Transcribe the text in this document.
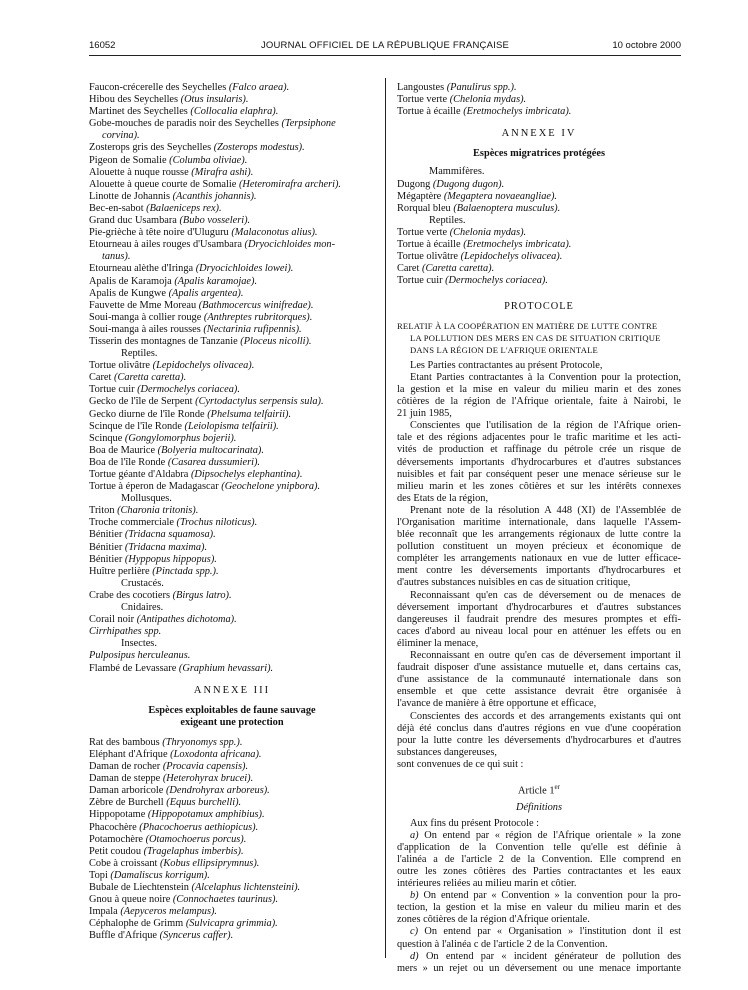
16052	JOURNAL OFFICIEL DE LA RÉPUBLIQUE FRANÇAISE	10 octobre 2000
Faucon-crécerelle des Seychelles (Falco araea).
Hibou des Seychelles (Otus insularis).
Martinet des Seychelles (Collocalia elaphra).
Gobe-mouches de paradis noir des Seychelles (Terpsiphone
corvina).
Zosterops gris des Seychelles (Zosterops modestus).
Pigeon de Somalie (Columba oliviae).
Alouette à nuque rousse (Mirafra ashi).
Alouette à queue courte de Somalie (Heteromirafra archeri).
Linotte de Johannis (Acanthis johannis).
Bec-en-sabot (Balaeniceps rex).
Grand duc Usambara (Bubo vosseleri).
Pie-grièche à tête noire d'Uluguru (Malaconotus alius).
Etourneau à ailes rouges d'Usambara (Dryocichloides mon-
tanus).
Etourneau alèthe d'Iringa (Dryocichloides lowei).
Apalis de Karamoja (Apalis karamojae).
Apalis de Kungwe (Apalis argentea).
Fauvette de Mme Moreau (Bathmocercus winifredae).
Soui-manga à collier rouge (Anthreptes rubritorques).
Soui-manga à ailes rousses (Nectarinia rufipennis).
Tisserin des montagnes de Tanzanie (Ploceus nicolli).
Reptiles.
Tortue olivâtre (Lepidochelys olivacea).
Caret (Caretta caretta).
Tortue cuir (Dermochelys coriacea).
Gecko de l'île de Serpent (Cyrtodactylus serpensis sula).
Gecko diurne de l'île Ronde (Phelsuma telfairii).
Scinque de l'île Ronde (Leiolopisma telfairii).
Scinque (Gongylomorphus bojerii).
Boa de Maurice (Bolyeria multocarinata).
Boa de l'île Ronde (Casarea dussumieri).
Tortue géante d'Aldabra (Dipsochelys elephantina).
Tortue à éperon de Madagascar (Geochelone ynipbora).
Mollusques.
Triton (Charonia tritonis).
Troche commerciale (Trochus niloticus).
Bénitier (Tridacna squamosa).
Bénitier (Tridacna maxima).
Bénitier (Hyppopus hippopus).
Huître perlière (Pinctada spp.).
Crustacés.
Crabe des cocotiers (Birgus latro).
Cnidaires.
Corail noir (Antipathes dichotoma).
Cirrhipathes spp.
Insectes.
Pulposipus herculeanus.
Flambé de Levassare (Graphium hevassari).
ANNEXE III
Espèces exploitables de faune sauvage
exigeant une protection
Rat des bambous (Thryonomys spp.).
Eléphant d'Afrique (Loxodonta africana).
Daman de rocher (Procavia capensis).
Daman de steppe (Heterohyrax brucei).
Daman arboricole (Dendrohyrax arboreus).
Zèbre de Burchell (Equus burchelli).
Hippopotame (Hippopotamux amphibius).
Phacochère (Phacochoerus aethiopicus).
Potamochère (Otamochoerus porcus).
Petit coudou (Tragelaphus imberbis).
Cobe à croissant (Kobus ellipsiprymnus).
Topi (Damaliscus korrigum).
Bubale de Liechtenstein (Alcelaphus lichtensteini).
Gnou à queue noire (Connochaetes taurinus).
Impala (Aepyceros melampus).
Céphalophe de Grimm (Sulvicapra grimmia).
Buffle d'Afrique (Syncerus caffer).
Langoustes (Panulirus spp.).
Tortue verte (Chelonia mydas).
Tortue à écaille (Eretmochelys imbricata).
ANNEXE IV
Espèces migratrices protégées
Mammifères.
Dugong (Dugong dugon).
Mégaptère (Megaptera novaeangliae).
Rorqual bleu (Balaenoptera musculus).
Reptiles.
Tortue verte (Chelonia mydas).
Tortue à écaille (Eretmochelys imbricata).
Tortue olivâtre (Lepidochelys olivacea).
Caret (Caretta caretta).
Tortue cuir (Dermochelys coriacea).
PROTOCOLE
RELATIF À LA COOPÉRATION EN MATIÈRE DE LUTTE CONTRE
LA POLLUTION DES MERS EN CAS DE SITUATION CRITIQUE
DANS LA RÉGION DE L'AFRIQUE ORIENTALE
Les Parties contractantes au présent Protocole,
Etant Parties contractantes à la Convention pour la protection,
la gestion et la mise en valeur du milieu marin et des zones
côtières de la région de l'Afrique orientale, faite à Nairobi, le
21 juin 1985,
Conscientes que l'utilisation de la région de l'Afrique orien-
tale et des régions adjacentes pour le trafic maritime et les acti-
vités de production et raffinage du pétrole crée un risque de
déversements importants d'hydrocarbures et d'autres substances
nuisibles et fait par conséquent peser une menace sérieuse sur le
milieu marin et les zones côtières et sur les intérêts connexes
des Etats de la région,
Prenant note de la résolution A 448 (XI) de l'Assemblée de
l'Organisation maritime internationale, dans laquelle l'Assem-
blée reconnaît que les arrangements régionaux de lutte contre la
pollution constituent un moyen précieux et économique de
compléter les arrangements nationaux en vue de lutter efficace-
ment contre les déversements importants d'hydrocarbures et
d'autres substances nuisibles en cas de situation critique,
Reconnaissant qu'en cas de déversement ou de menaces de
déversement important d'hydrocarbures et d'autres substances
dangereuses il faudrait prendre des mesures promptes et effi-
caces d'abord au niveau local pour en atténuer les effets ou en
éliminer la menace,
Reconnaissant en outre qu'en cas de déversement important il
faudrait disposer d'une assistance mutuelle et, dans certains cas,
d'une assistance de la communauté internationale dans son
ensemble et que cette assistance devrait être organisée à
l'avance de manière à être opportune et efficace,
Conscientes des accords et des arrangements existants qui ont
déjà été conclus dans d'autres régions en vue d'une coopération
pour la lutte contre les déversements d'hydrocarbures et d'autres
substances dangereuses,
sont convenues de ce qui suit :
Article 1er
Définitions
Aux fins du présent Protocole :
a) On entend par « région de l'Afrique orientale » la zone
d'application de la Convention telle qu'elle est définie à
l'alinéa a de l'article 2 de la Convention. Elle comprend en
outre les zones côtières des Parties contractantes et les eaux
intérieures reliées au milieu marin et côtier.
b) On entend par « Convention » la convention pour la pro-
tection, la gestion et la mise en valeur du milieu marin et des
zones côtières de la région d'Afrique orientale.
c) On entend par « Organisation » l'institution dont il est
question à l'alinéa c de l'article 2 de la Convention.
d) On entend par « incident générateur de pollution des
mers » un rejet ou un déversement ou une menace importante
